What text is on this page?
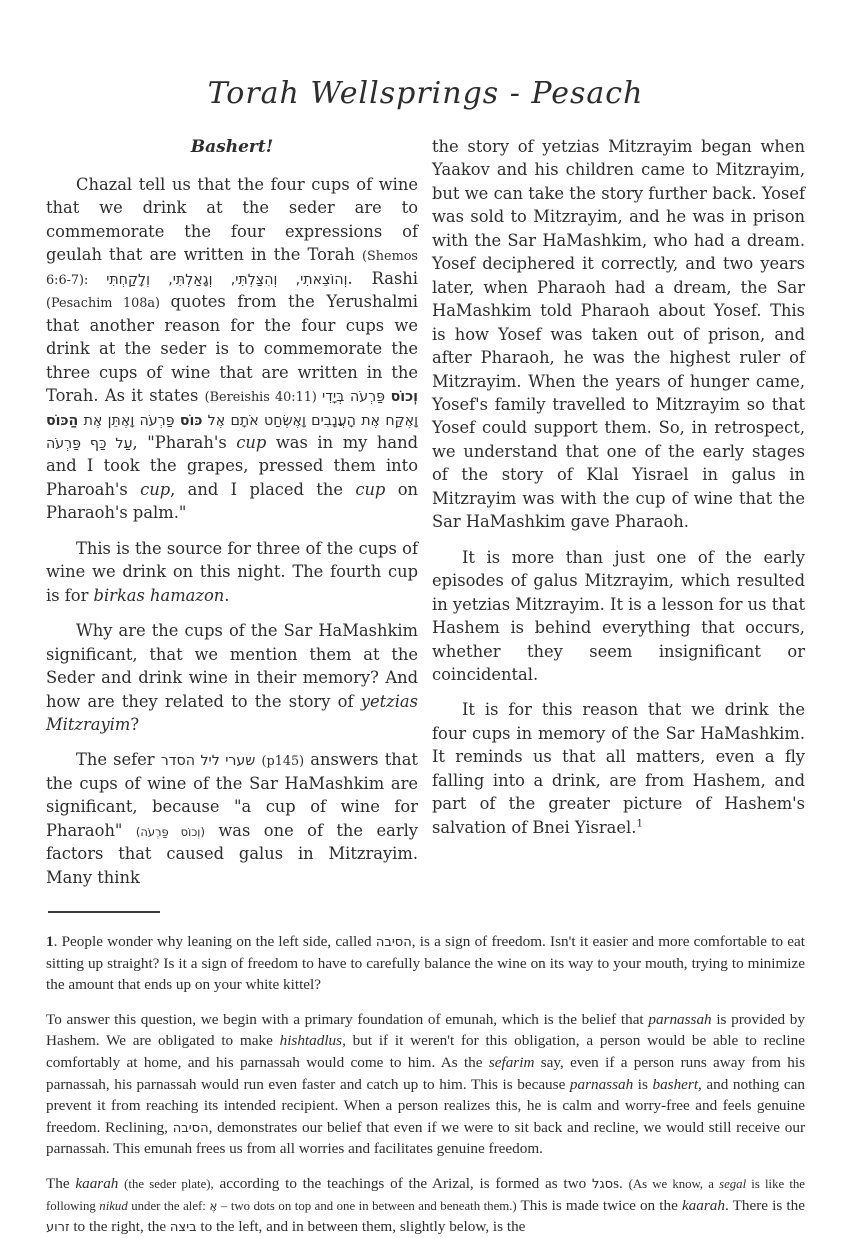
Torah Wellsprings - Pesach
Bashert!

Chazal tell us that the four cups of wine that we drink at the seder are to commemorate the four expressions of geulah that are written in the Torah (Shemos 6:6-7): וְהוֹצֵאתִי, וְהִצַּלְתִּי, וְגָאַלְתִּי, וְלָקַחְתִּי. Rashi (Pesachim 108a) quotes from the Yerushalmi that another reason for the four cups we drink at the seder is to commemorate the three cups of wine that are written in the Torah. As it states (Bereishis 40:11)	וְכוֹס פַּרְעֹה בְּיָדִי וָאֶקַּח אֶת הָעֲנָבִים וָאֶשְׂחַט אֹתָם אֶל כּוֹס פַּרְעֹה וָאֶתֵּן אֶת הַכּוֹס עַל כַּף פַּרְעֹה, "Pharah's cup was in my hand and I took the grapes, pressed them into Pharoah's cup, and I placed the cup on Pharaoh's palm."

This is the source for three of the cups of wine we drink on this night. The fourth cup is for birkas hamazon.

Why are the cups of the Sar HaMashkim significant, that we mention them at the Seder and drink wine in their memory? And how are they related to the story of yetzias Mitzrayim?

The sefer שערי ליל הסדר (p145) answers that the cups of wine of the Sar HaMashkim are significant, because "a cup of wine for Pharaoh" (וְכוֹס פַּרְעֹה) was one of the early factors that caused galus in Mitzrayim. Many think

the story of yetzias Mitzrayim began when Yaakov and his children came to Mitzrayim, but we can take the story further back. Yosef was sold to Mitzrayim, and he was in prison with the Sar HaMashkim, who had a dream. Yosef deciphered it correctly, and two years later, when Pharaoh had a dream, the Sar HaMashkim told Pharaoh about Yosef. This is how Yosef was taken out of prison, and after Pharaoh, he was the highest ruler of Mitzrayim. When the years of hunger came, Yosef's family travelled to Mitzrayim so that Yosef could support them. So, in retrospect, we understand that one of the early stages of the story of Klal Yisrael in galus in Mitzrayim was with the cup of wine that the Sar HaMashkim gave Pharaoh.

It is more than just one of the early episodes of galus Mitzrayim, which resulted in yetzias Mitzrayim. It is a lesson for us that Hashem is behind everything that occurs, whether they seem insignificant or coincidental.

It is for this reason that we drink the four cups in memory of the Sar HaMashkim. It reminds us that all matters, even a fly falling into a drink, are from Hashem, and part of the greater picture of Hashem's salvation of Bnei Yisrael.$^1$

1. People wonder why leaning on the left side, called הסיבה, is a sign of freedom. Isn't it easier and more comfortable to eat sitting up straight? Is it a sign of freedom to have to carefully balance the wine on its way to your mouth, trying to minimize the amount that ends up on your white kittel?

To answer this question, we begin with a primary foundation of emunah, which is the belief that parnassah is provided by Hashem. We are obligated to make hishtadlus, but if it weren't for this obligation, a person would be able to recline comfortably at home, and his parnassah would come to him. As the sefarim say, even if a person runs away from his parnassah, his parnassah would run even faster and catch up to him. This is because parnassah is bashert, and nothing can prevent it from reaching its intended recipient. When a person realizes this, he is calm and worry-free and feels genuine freedom. Reclining, הסיבה, demonstrates our belief that even if we were to sit back and recline, we would still receive our parnassah. This emunah frees us from all worries and facilitates genuine freedom.

The kaarah (the seder plate), according to the teachings of the Arizal, is formed as two סגלs. (As we know, a segal is like the following nikud under the alef: אֶ – two dots on top and one in between and beneath them.) This is made twice on the kaarah. There is the זרוע to the right, the ביצה to the left, and in between them, slightly below, is the
